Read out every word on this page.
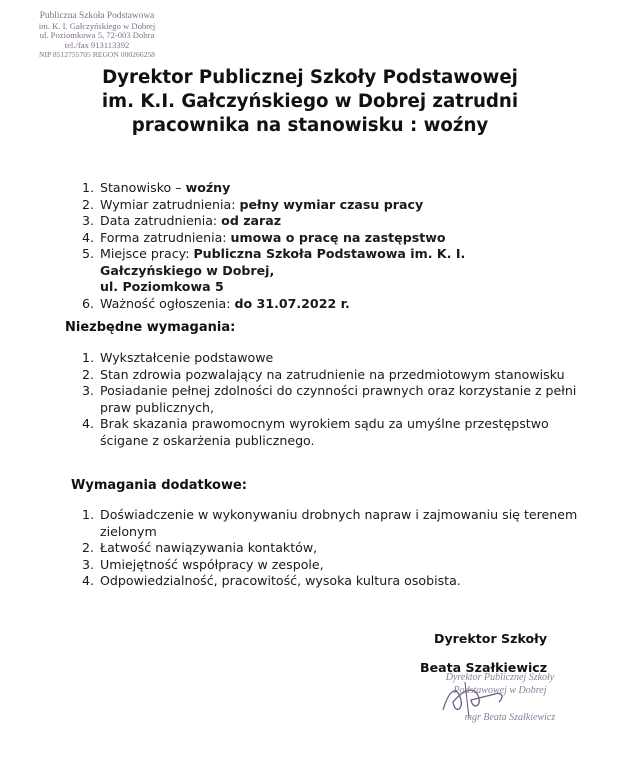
Publiczna Szkoła Podstawowa
im. K. I. Gałczyńskiego w Dobrej
ul. Poziomkowa 5, 72-003 Dobra
tel./fax 913113392
NIP 8512755705 REGON 000266258
Dyrektor Publicznej Szkoły Podstawowej
im. K.I. Gałczyńskiego w Dobrej zatrudni
pracownika na stanowisku : woźny
1. Stanowisko – woźny
2. Wymiar zatrudnienia: pełny wymiar czasu pracy
3. Data zatrudnienia: od zaraz
4. Forma zatrudnienia: umowa o pracę na zastępstwo
5. Miejsce pracy: Publiczna Szkoła Podstawowa im. K. I.
Gałczyńskiego w Dobrej,
ul. Poziomkowa 5
6. Ważność ogłoszenia: do 31.07.2022 r.
Niezbędne wymagania:
1. Wykształcenie podstawowe
2. Stan zdrowia pozwalający na zatrudnienie na przedmiotowym stanowisku
3. Posiadanie pełnej zdolności do czynności prawnych oraz korzystanie z pełni praw publicznych,
4. Brak skazania prawomocnym wyrokiem sądu za umyślne przestępstwo ścigane z oskarżenia publicznego.
Wymagania dodatkowe:
1. Doświadczenie w wykonywaniu drobnych napraw i zajmowaniu się terenem zielonym
2. Łatwość nawiązywania kontaktów,
3. Umiejętność współpracy w zespole,
4. Odpowiedzialność, pracowitość, wysoka kultura osobista.
Dyrektor Szkoły
Beata Szałkiewicz
Dyrektor Publicznej Szkoły
Podstawowej w Dobrej
mgr Beata Szałkiewicz
